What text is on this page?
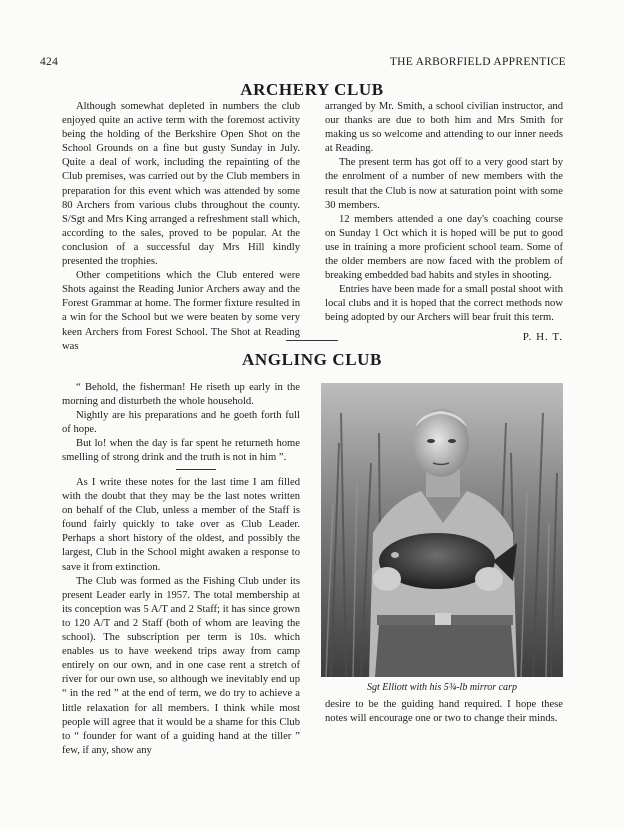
424	THE ARBORFIELD APPRENTICE
ARCHERY CLUB

Although somewhat depleted in numbers the club enjoyed quite an active term with the foremost activity being the holding of the Berkshire Open Shot on the School Grounds on a fine but gusty Sunday in July. Quite a deal of work, including the repainting of the Club premises, was carried out by the Club members in preparation for this event which was attended by some 80 Archers from various clubs throughout the county. S/Sgt and Mrs King arranged a refreshment stall which, according to the sales, proved to be popular. At the conclusion of a successful day Mrs Hill kindly presented the trophies.

Other competitions which the Club entered were Shots against the Reading Junior Archers away and the Forest Grammar at home. The former fixture resulted in a win for the School but we were beaten by some very keen Archers from Forest School. The Shot at Reading was

arranged by Mr. Smith, a school civilian instructor, and our thanks are due to both him and Mrs Smith for making us so welcome and attending to our inner needs at Reading.

The present term has got off to a very good start by the enrolment of a number of new members with the result that the Club is now at saturation point with some 30 members.

12 members attended a one day's coaching course on Sunday 1 Oct which it is hoped will be put to good use in training a more proficient school team. Some of the older members are now faced with the problem of breaking embedded bad habits and styles in shooting.

Entries have been made for a small postal shoot with local clubs and it is hoped that the correct methods now being adopted by our Archers will bear fruit this term.

P. H. T.
ANGLING CLUB

“ Behold, the fisherman! He riseth up early in the morning and disturbeth the whole household.

Nightly are his preparations and he goeth forth full of hope.

But lo! when the day is far spent he returneth home smelling of strong drink and the truth is not in him ”.

As I write these notes for the last time I am filled with the doubt that they may be the last notes written on behalf of the Club, unless a member of the Staff is found fairly quickly to take over as Club Leader. Perhaps a short history of the oldest, and possibly the largest, Club in the School might awaken a response to save it from extinction.

The Club was formed as the Fishing Club under its present Leader early in 1957. The total membership at its conception was 5 A/T and 2 Staff; it has since grown to 120 A/T and 2 Staff (both of whom are leaving the school). The subscription per term is 10s. which enables us to have weekend trips away from camp entirely on our own, and in one case rent a stretch of river for our own use, so although we inevitably end up “ in the red ” at the end of term, we do try to achieve a little relaxation for all members. I think while most people will agree that it would be a shame for this Club to “ founder for want of a guiding hand at the tiller ” few, if any, show any

Sgt Elliott with his 5¾-lb mirror carp

desire to be the guiding hand required. I hope these notes will encourage one or two to change their minds.
